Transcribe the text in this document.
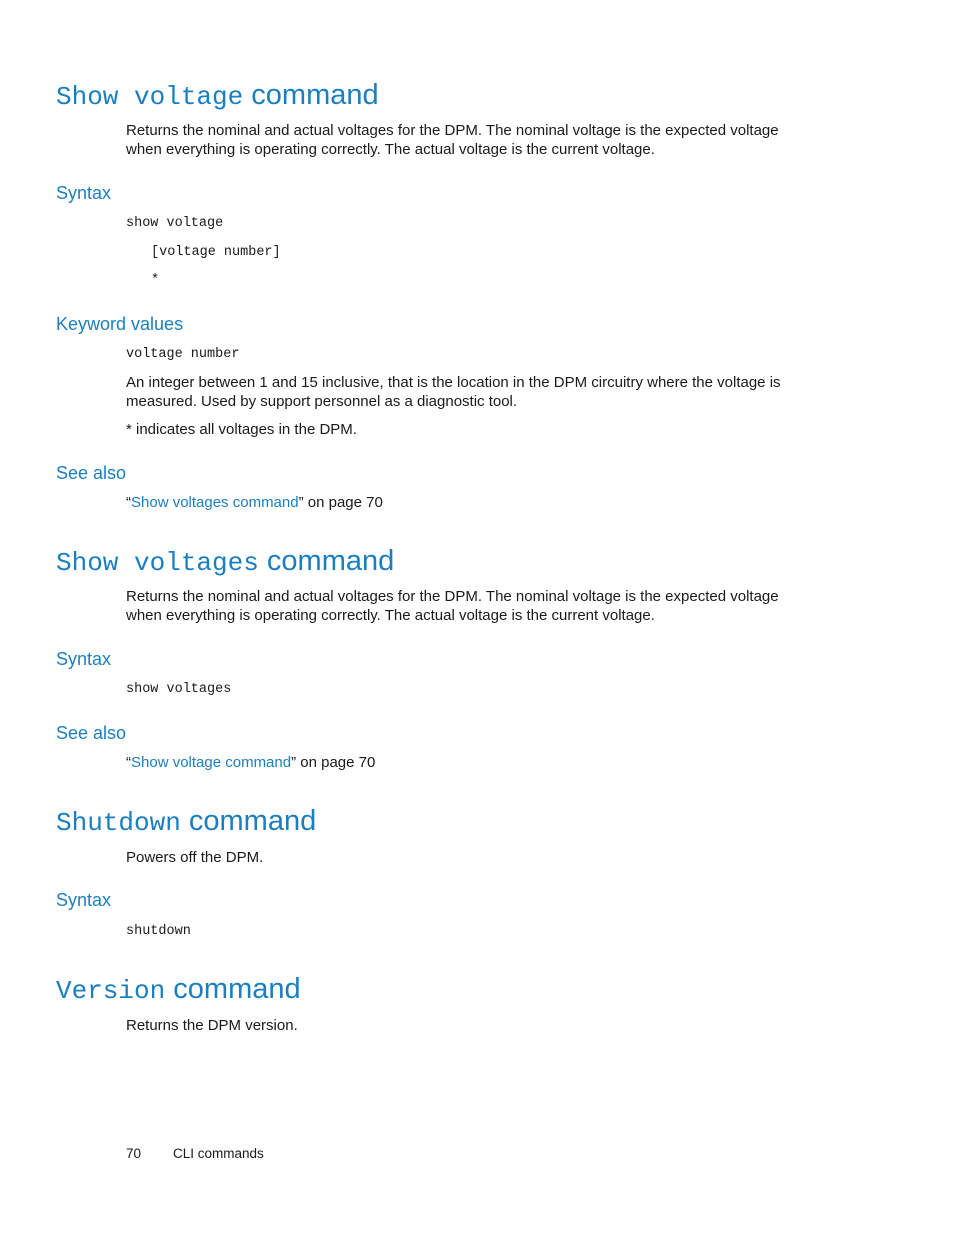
Show voltage command
Returns the nominal and actual voltages for the DPM. The nominal voltage is the expected voltage
when everything is operating correctly. The actual voltage is the current voltage.
Syntax
show voltage
[voltage number]
*
Keyword values
voltage number
An integer between 1 and 15 inclusive, that is the location in the DPM circuitry where the voltage is
measured. Used by support personnel as a diagnostic tool.
* indicates all voltages in the DPM.
See also
“Show voltages command” on page 70
Show voltages command
Returns the nominal and actual voltages for the DPM. The nominal voltage is the expected voltage
when everything is operating correctly. The actual voltage is the current voltage.
Syntax
show voltages
See also
“Show voltage command” on page 70
Shutdown command
Powers off the DPM.
Syntax
shutdown
Version command
Returns the DPM version.
70 CLI commands
